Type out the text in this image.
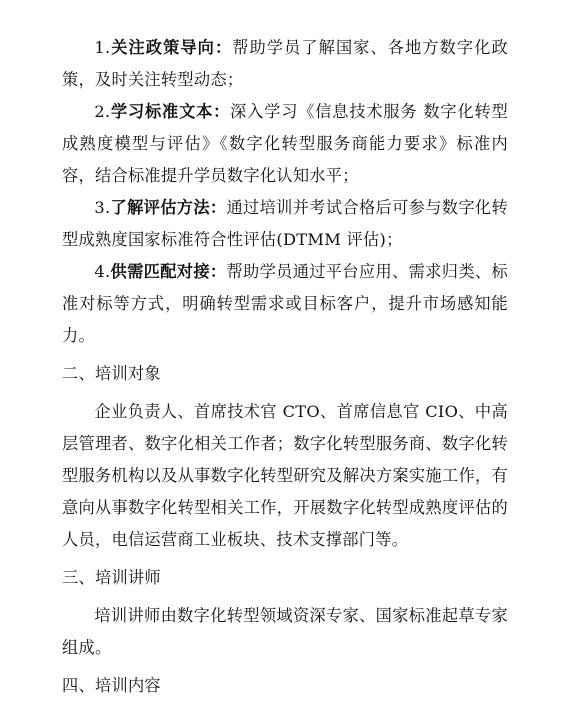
1.关注政策导向：帮助学员了解国家、各地方数字化政策，及时关注转型动态；

2.学习标准文本：深入学习《信息技术服务 数字化转型成熟度模型与评估》《数字化转型服务商能力要求》标准内容，结合标准提升学员数字化认知水平；

3.了解评估方法：通过培训并考试合格后可参与数字化转型成熟度国家标准符合性评估(DTMM 评估)；

4.供需匹配对接：帮助学员通过平台应用、需求归类、标准对标等方式，明确转型需求或目标客户，提升市场感知能力。

二、培训对象

企业负责人、首席技术官 CTO、首席信息官 CIO、中高层管理者、数字化相关工作者；数字化转型服务商、数字化转型服务机构以及从事数字化转型研究及解决方案实施工作，有意向从事数字化转型相关工作，开展数字化转型成熟度评估的人员，电信运营商工业板块、技术支撑部门等。

三、培训讲师

培训讲师由数字化转型领域资深专家、国家标准起草专家组成。

四、培训内容
